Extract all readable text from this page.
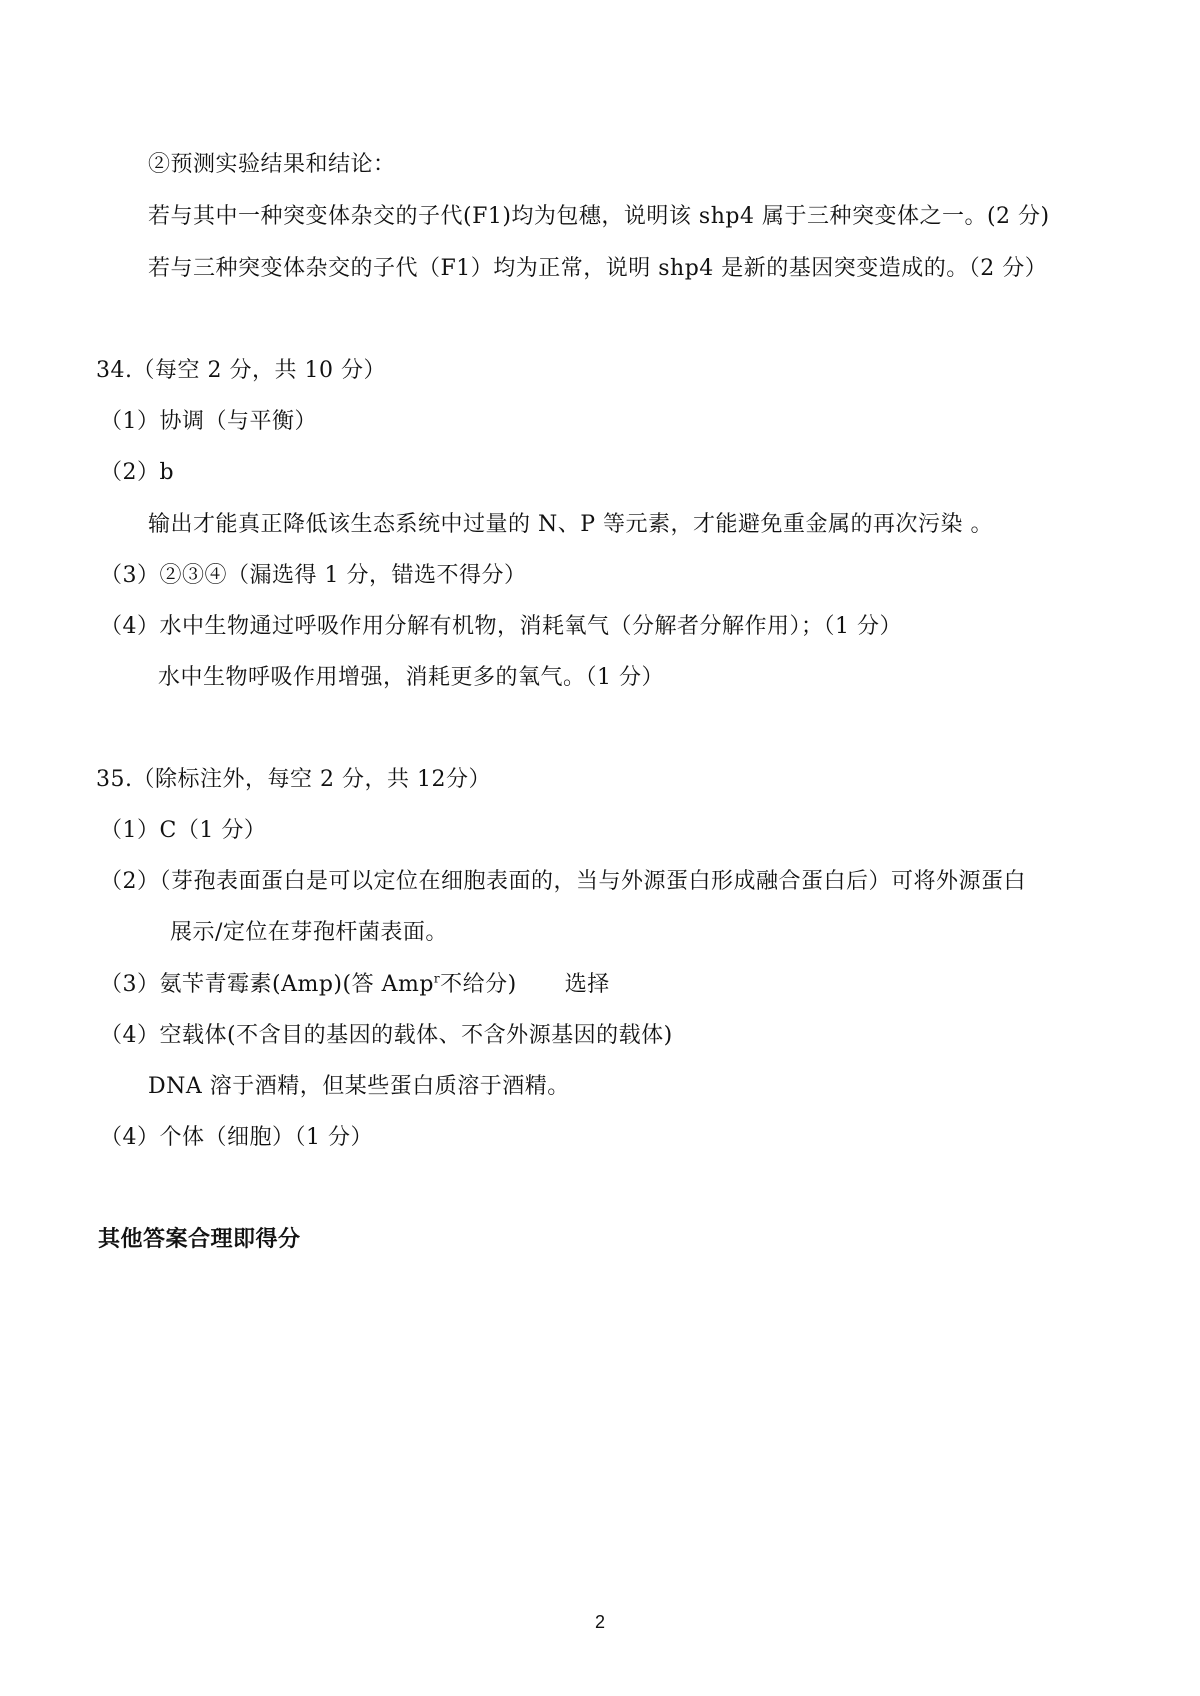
②预测实验结果和结论：
若与其中一种突变体杂交的子代(F1)均为包穗，说明该 shp4 属于三种突变体之一。(2 分)
若与三种突变体杂交的子代（F1）均为正常，说明 shp4 是新的基因突变造成的。（2 分）
34.（每空 2 分，共 10 分）
（1）协调（与平衡）
（2）b
输出才能真正降低该生态系统中过量的 N、P 等元素，才能避免重金属的再次污染 。
（3）②③④（漏选得 1 分，错选不得分）
（4）水中生物通过呼吸作用分解有机物，消耗氧气（分解者分解作用）；（1 分）
水中生物呼吸作用增强，消耗更多的氧气。（1 分）
35.（除标注外，每空 2 分，共 12分）
（1）C（1 分）
（2）（芽孢表面蛋白是可以定位在细胞表面的，当与外源蛋白形成融合蛋白后）可将外源蛋白
展示/定位在芽孢杆菌表面。
（3）氨苄青霉素(Amp)(答 Amp$^r$不给分) 选择
（4）空载体(不含目的基因的载体、不含外源基因的载体)
DNA 溶于酒精，但某些蛋白质溶于酒精。
（4）个体（细胞）（1 分）
其他答案合理即得分
2
